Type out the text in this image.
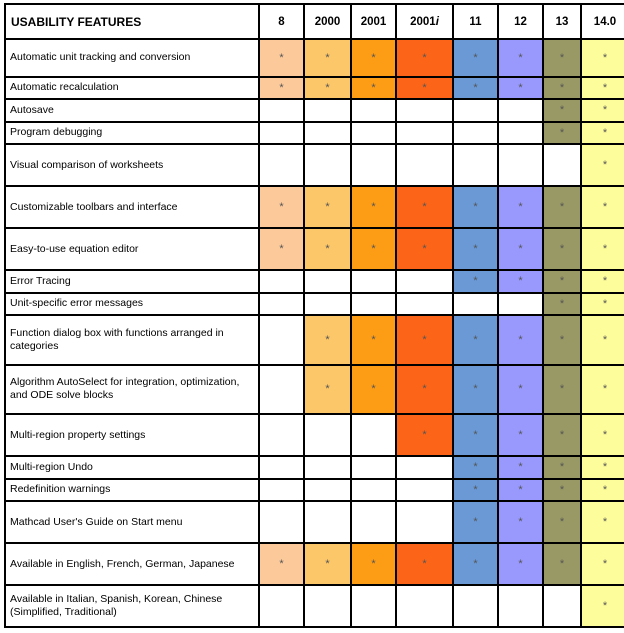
USABILITY FEATURES	8	2000	2001	2001i	11	12	13	14.0
Automatic unit tracking and conversion	*	*	*	*	*	*	*	*
Automatic recalculation	*	*	*	*	*	*	*	*
Autosave							*	*
Program debugging							*	*
Visual comparison of worksheets								*
Customizable toolbars and interface	*	*	*	*	*	*	*	*
Easy-to-use equation editor	*	*	*	*	*	*	*	*
Error Tracing					*	*	*	*
Unit-specific error messages							*	*
Function dialog box with functions arranged in categories		*	*	*	*	*	*	*
Algorithm AutoSelect for integration, optimization, and ODE solve blocks		*	*	*	*	*	*	*
Multi-region property settings				*	*	*	*	*
Multi-region Undo					*	*	*	*
Redefinition warnings					*	*	*	*
Mathcad User's Guide on Start menu					*	*	*	*
Available in English, French, German, Japanese	*	*	*	*	*	*	*	*
Available in Italian, Spanish, Korean, Chinese (Simplified, Traditional)								*
